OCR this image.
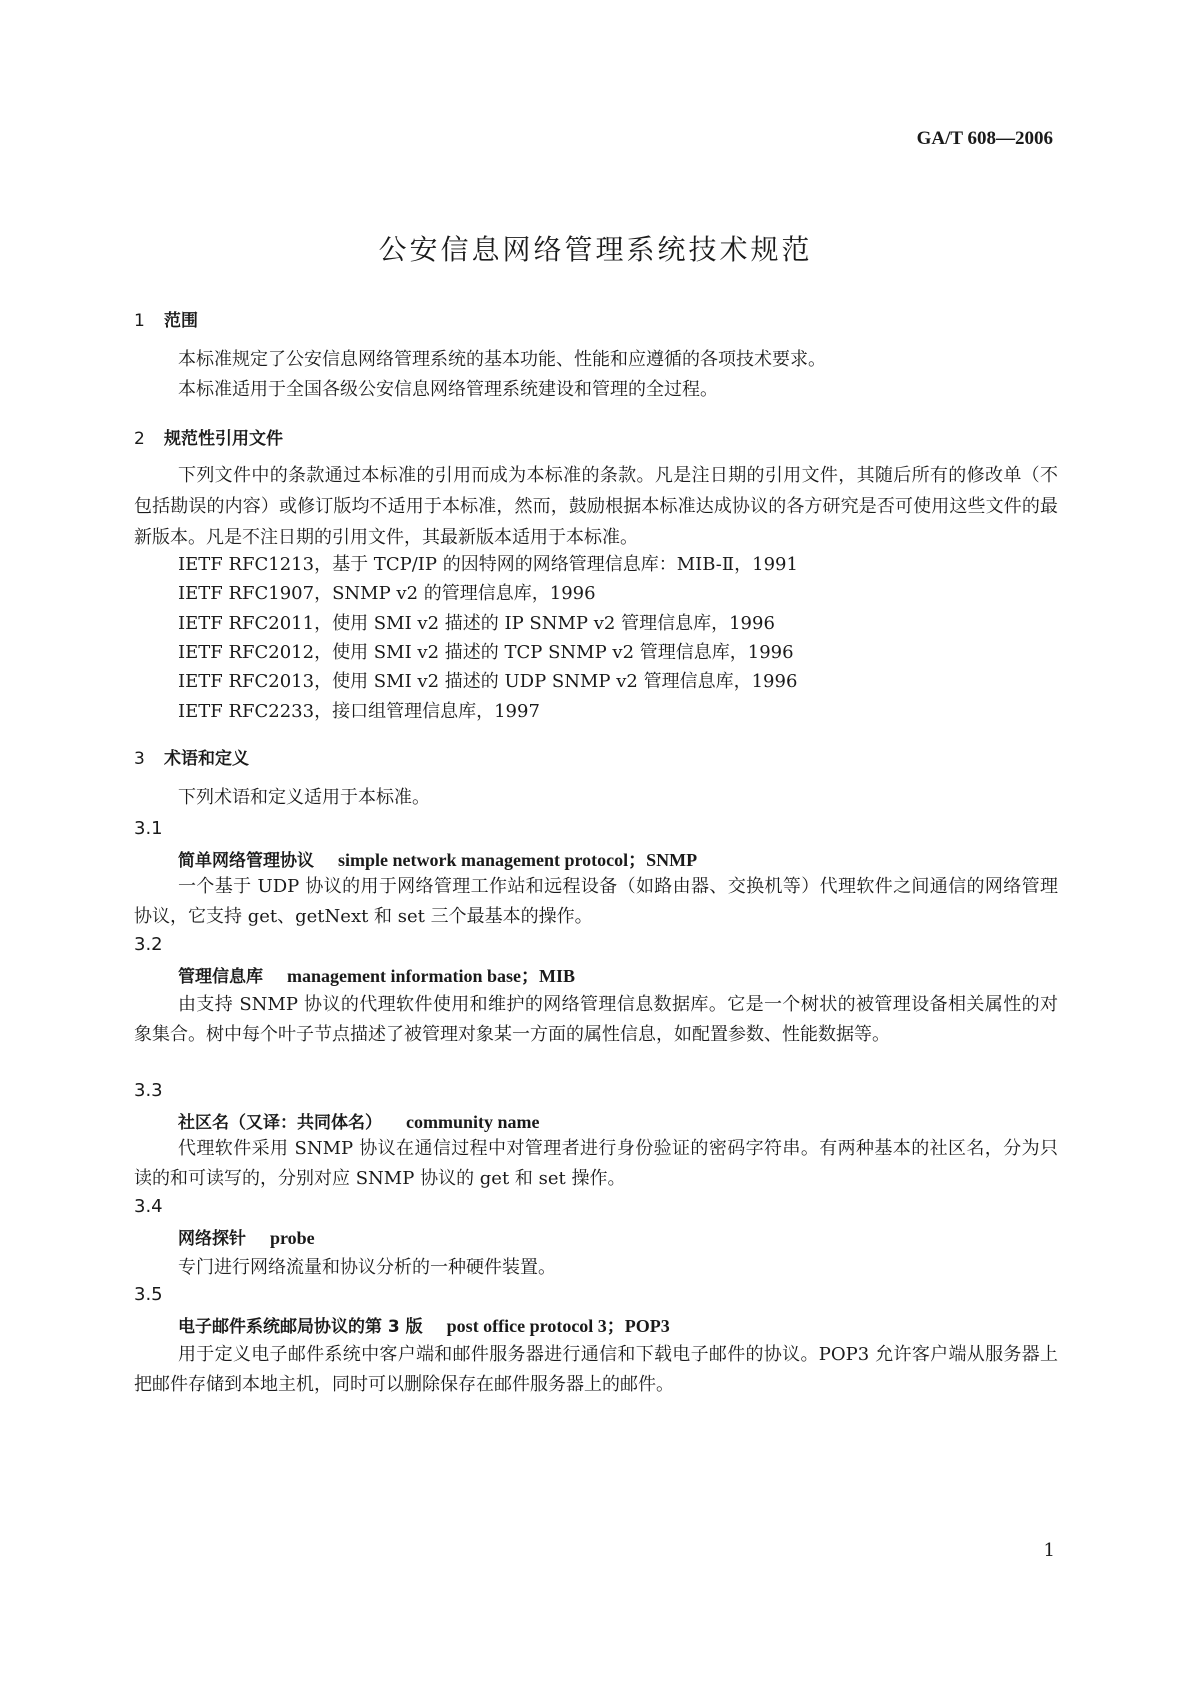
GA/T 608—2006
公安信息网络管理系统技术规范
1 范围

本标准规定了公安信息网络管理系统的基本功能、性能和应遵循的各项技术要求。

本标准适用于全国各级公安信息网络管理系统建设和管理的全过程。

2 规范性引用文件

下列文件中的条款通过本标准的引用而成为本标准的条款。凡是注日期的引用文件，其随后所有的修改单（不包括勘误的内容）或修订版均不适用于本标准，然而，鼓励根据本标准达成协议的各方研究是否可使用这些文件的最新版本。凡是不注日期的引用文件，其最新版本适用于本标准。

IETF RFC1213，基于 TCP/IP 的因特网的网络管理信息库：MIB-Ⅱ，1991
IETF RFC1907，SNMP v2 的管理信息库，1996
IETF RFC2011，使用 SMI v2 描述的 IP SNMP v2 管理信息库，1996
IETF RFC2012，使用 SMI v2 描述的 TCP SNMP v2 管理信息库，1996
IETF RFC2013，使用 SMI v2 描述的 UDP SNMP v2 管理信息库，1996
IETF RFC2233，接口组管理信息库，1997
3 术语和定义

下列术语和定义适用于本标准。

3.1
简单网络管理协议 simple network management protocol；SNMP

一个基于 UDP 协议的用于网络管理工作站和远程设备（如路由器、交换机等）代理软件之间通信的网络管理协议，它支持 get、getNext 和 set 三个最基本的操作。

3.2
管理信息库 management information base；MIB

由支持 SNMP 协议的代理软件使用和维护的网络管理信息数据库。它是一个树状的被管理设备相关属性的对象集合。树中每个叶子节点描述了被管理对象某一方面的属性信息，如配置参数、性能数据等。

3.3
社区名（又译：共同体名） community name

代理软件采用 SNMP 协议在通信过程中对管理者进行身份验证的密码字符串。有两种基本的社区名，分为只读的和可读写的，分别对应 SNMP 协议的 get 和 set 操作。

3.4
网络探针 probe

专门进行网络流量和协议分析的一种硬件装置。

3.5
电子邮件系统邮局协议的第 3 版 post office protocol 3；POP3

用于定义电子邮件系统中客户端和邮件服务器进行通信和下载电子邮件的协议。POP3 允许客户端从服务器上把邮件存储到本地主机，同时可以删除保存在邮件服务器上的邮件。

1
